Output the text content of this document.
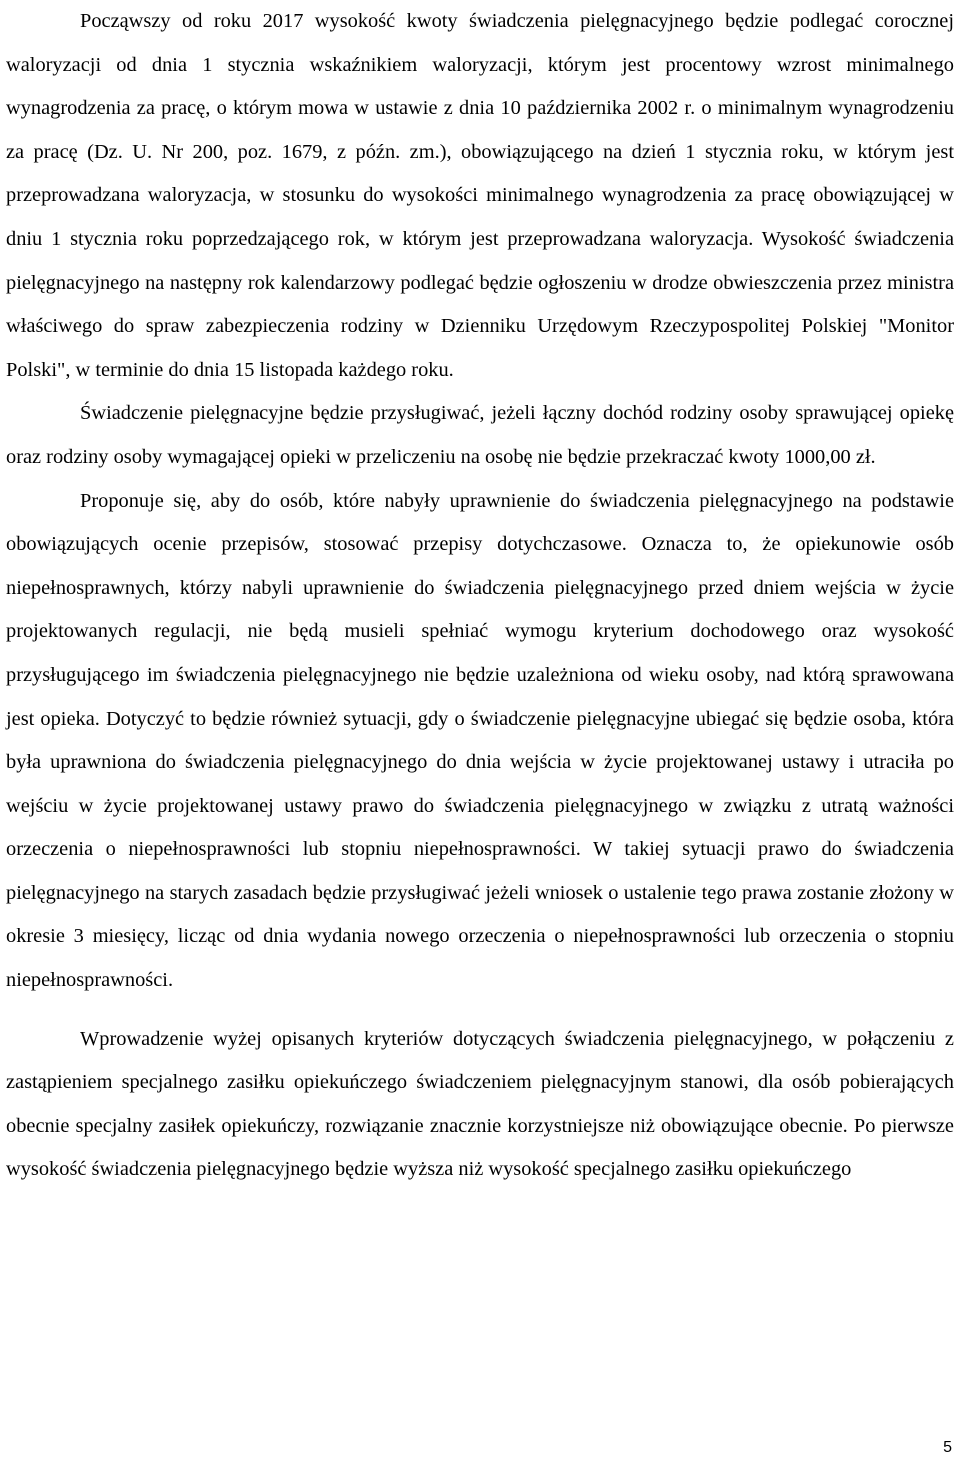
Począwszy od roku 2017 wysokość kwoty świadczenia pielęgnacyjnego będzie podlegać corocznej waloryzacji od dnia 1 stycznia wskaźnikiem waloryzacji, którym jest procentowy wzrost minimalnego wynagrodzenia za pracę, o którym mowa w ustawie z dnia 10 października 2002 r. o minimalnym wynagrodzeniu za pracę (Dz. U. Nr 200, poz. 1679, z późn. zm.), obowiązującego na dzień 1 stycznia roku, w którym jest przeprowadzana waloryzacja, w stosunku do wysokości minimalnego wynagrodzenia za pracę obowiązującej w dniu 1 stycznia roku poprzedzającego rok, w którym jest przeprowadzana waloryzacja. Wysokość świadczenia pielęgnacyjnego na następny rok kalendarzowy podlegać będzie ogłoszeniu w drodze obwieszczenia przez ministra właściwego do spraw zabezpieczenia rodziny w Dzienniku Urzędowym Rzeczypospolitej Polskiej "Monitor Polski", w terminie do dnia 15 listopada każdego roku.

Świadczenie pielęgnacyjne będzie przysługiwać, jeżeli łączny dochód rodziny osoby sprawującej opiekę oraz rodziny osoby wymagającej opieki w przeliczeniu na osobę nie będzie przekraczać kwoty 1000,00 zł.

Proponuje się, aby do osób, które nabyły uprawnienie do świadczenia pielęgnacyjnego na podstawie obowiązujących ocenie przepisów, stosować przepisy dotychczasowe. Oznacza to, że opiekunowie osób niepełnosprawnych, którzy nabyli uprawnienie do świadczenia pielęgnacyjnego przed dniem wejścia w życie projektowanych regulacji, nie będą musieli spełniać wymogu kryterium dochodowego oraz wysokość przysługującego im świadczenia pielęgnacyjnego nie będzie uzależniona od wieku osoby, nad którą sprawowana jest opieka. Dotyczyć to będzie również sytuacji, gdy o świadczenie pielęgnacyjne ubiegać się będzie osoba, która była uprawniona do świadczenia pielęgnacyjnego do dnia wejścia w życie projektowanej ustawy i utraciła po wejściu w życie projektowanej ustawy prawo do świadczenia pielęgnacyjnego w związku z utratą ważności orzeczenia o niepełnosprawności lub stopniu niepełnosprawności. W takiej sytuacji prawo do świadczenia pielęgnacyjnego na starych zasadach będzie przysługiwać jeżeli wniosek o ustalenie tego prawa zostanie złożony w okresie 3 miesięcy, licząc od dnia wydania nowego orzeczenia o niepełnosprawności lub orzeczenia o stopniu niepełnosprawności.

Wprowadzenie wyżej opisanych kryteriów dotyczących świadczenia pielęgnacyjnego, w połączeniu z zastąpieniem specjalnego zasiłku opiekuńczego świadczeniem pielęgnacyjnym stanowi, dla osób pobierających obecnie specjalny zasiłek opiekuńczy, rozwiązanie znacznie korzystniejsze niż obowiązujące obecnie. Po pierwsze wysokość świadczenia pielęgnacyjnego będzie wyższa niż wysokość specjalnego zasiłku opiekuńczego

5
